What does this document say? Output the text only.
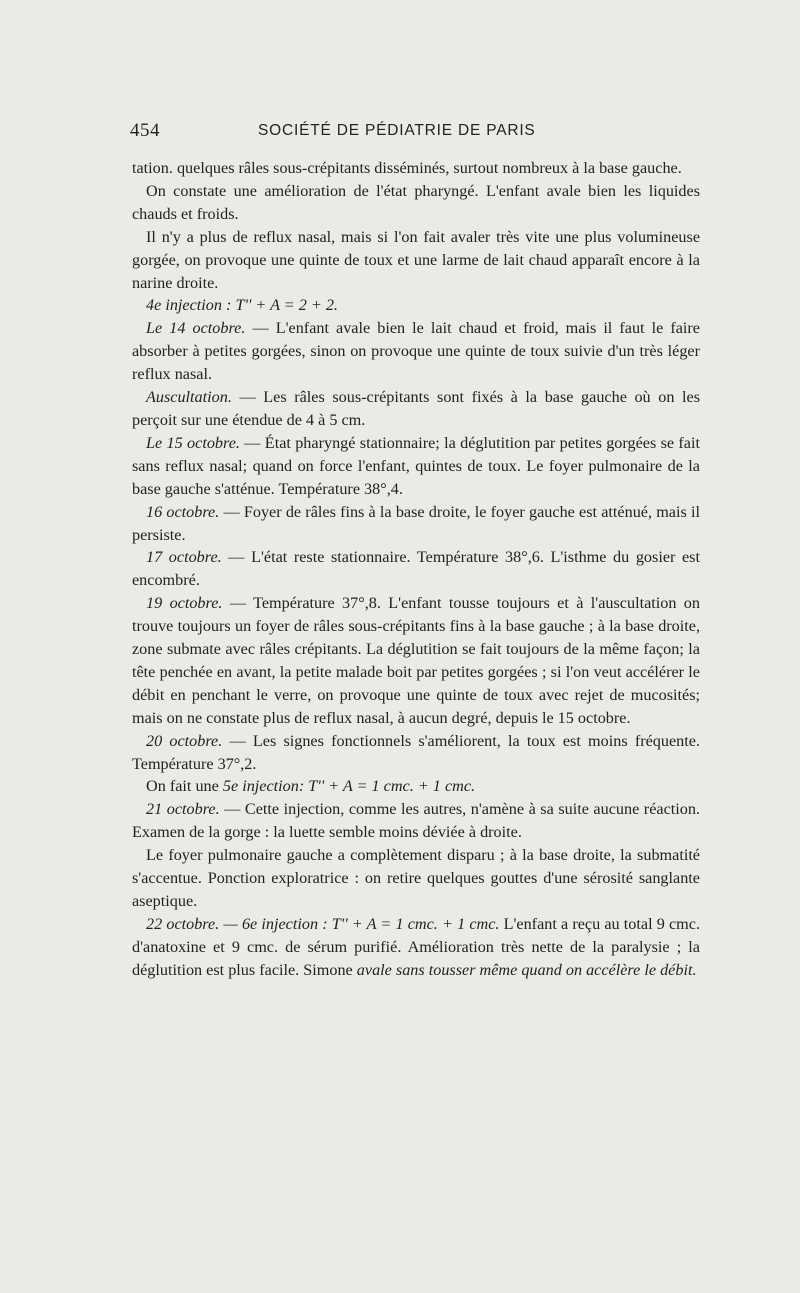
454	SOCIÉTÉ DE PÉDIATRIE DE PARIS

tation. quelques râles sous-crépitants disséminés, surtout nombreux à la base gauche.

On constate une amélioration de l'état pharyngé. L'enfant avale bien les liquides chauds et froids.

Il n'y a plus de reflux nasal, mais si l'on fait avaler très vite une plus volumineuse gorgée, on provoque une quinte de toux et une larme de lait chaud apparaît encore à la narine droite.

4e injection : T'' + A = 2 + 2.

Le 14 octobre. — L'enfant avale bien le lait chaud et froid, mais il faut le faire absorber à petites gorgées, sinon on provoque une quinte de toux suivie d'un très léger reflux nasal.

Auscultation. — Les râles sous-crépitants sont fixés à la base gauche où on les perçoit sur une étendue de 4 à 5 cm.

Le 15 octobre. — État pharyngé stationnaire; la déglutition par petites gorgées se fait sans reflux nasal; quand on force l'enfant, quintes de toux. Le foyer pulmonaire de la base gauche s'atténue. Température 38°,4.

16 octobre. — Foyer de râles fins à la base droite, le foyer gauche est atténué, mais il persiste.

17 octobre. — L'état reste stationnaire. Température 38°,6. L'isthme du gosier est encombré.

19 octobre. — Température 37°,8. L'enfant tousse toujours et à l'auscultation on trouve toujours un foyer de râles sous-crépitants fins à la base gauche ; à la base droite, zone submate avec râles crépitants. La déglutition se fait toujours de la même façon; la tête penchée en avant, la petite malade boit par petites gorgées ; si l'on veut accélérer le débit en penchant le verre, on provoque une quinte de toux avec rejet de mucosités; mais on ne constate plus de reflux nasal, à aucun degré, depuis le 15 octobre.

20 octobre. — Les signes fonctionnels s'améliorent, la toux est moins fréquente. Température 37°,2.

On fait une 5e injection: T'' + A = 1 cmc. + 1 cmc.

21 octobre. — Cette injection, comme les autres, n'amène à sa suite aucune réaction. Examen de la gorge : la luette semble moins déviée à droite.

Le foyer pulmonaire gauche a complètement disparu ; à la base droite, la submatité s'accentue. Ponction exploratrice : on retire quelques gouttes d'une sérosité sanglante aseptique.

22 octobre. — 6e injection : T'' + A = 1 cmc. + 1 cmc. L'enfant a reçu au total 9 cmc. d'anatoxine et 9 cmc. de sérum purifié. Amélioration très nette de la paralysie ; la déglutition est plus facile. Simone avale sans tousser même quand on accélère le débit.
